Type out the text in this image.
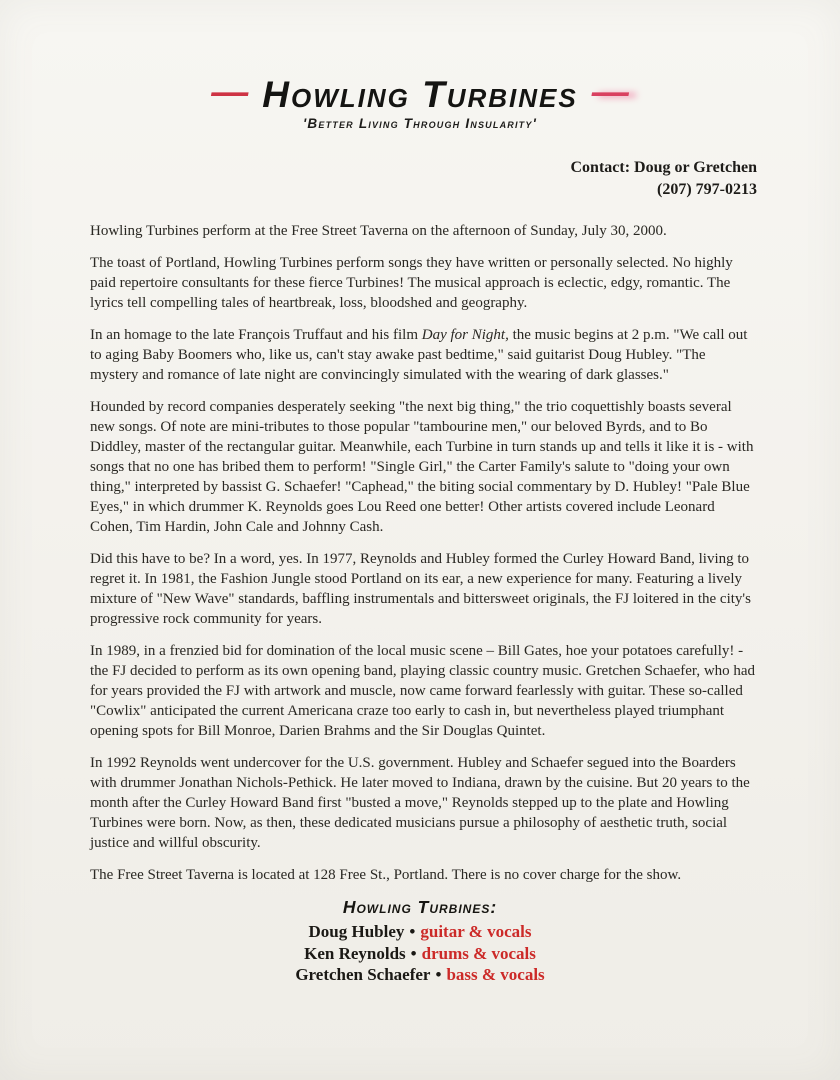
— Howling Turbines —
'Better Living Through Insularity'
Contact: Doug or Gretchen
(207) 797-0213

Howling Turbines perform at the Free Street Taverna on the afternoon of Sunday, July 30, 2000.

The toast of Portland, Howling Turbines perform songs they have written or personally selected. No highly paid repertoire consultants for these fierce Turbines! The musical approach is eclectic, edgy, romantic. The lyrics tell compelling tales of heartbreak, loss, bloodshed and geography.

In an homage to the late François Truffaut and his film Day for Night, the music begins at 2 p.m. "We call out to aging Baby Boomers who, like us, can't stay awake past bedtime," said guitarist Doug Hubley. "The mystery and romance of late night are convincingly simulated with the wearing of dark glasses."

Hounded by record companies desperately seeking "the next big thing," the trio coquettishly boasts several new songs. Of note are mini-tributes to those popular "tambourine men," our beloved Byrds, and to Bo Diddley, master of the rectangular guitar. Meanwhile, each Turbine in turn stands up and tells it like it is - with songs that no one has bribed them to perform! "Single Girl," the Carter Family's salute to "doing your own thing," interpreted by bassist G. Schaefer! "Caphead," the biting social commentary by D. Hubley! "Pale Blue Eyes," in which drummer K. Reynolds goes Lou Reed one better! Other artists covered include Leonard Cohen, Tim Hardin, John Cale and Johnny Cash.

Did this have to be? In a word, yes. In 1977, Reynolds and Hubley formed the Curley Howard Band, living to regret it. In 1981, the Fashion Jungle stood Portland on its ear, a new experience for many. Featuring a lively mixture of "New Wave" standards, baffling instrumentals and bittersweet originals, the FJ loitered in the city's progressive rock community for years.

In 1989, in a frenzied bid for domination of the local music scene – Bill Gates, hoe your potatoes carefully! - the FJ decided to perform as its own opening band, playing classic country music. Gretchen Schaefer, who had for years provided the FJ with artwork and muscle, now came forward fearlessly with guitar. These so-called "Cowlix" anticipated the current Americana craze too early to cash in, but nevertheless played triumphant opening spots for Bill Monroe, Darien Brahms and the Sir Douglas Quintet.

In 1992 Reynolds went undercover for the U.S. government. Hubley and Schaefer segued into the Boarders with drummer Jonathan Nichols-Pethick. He later moved to Indiana, drawn by the cuisine. But 20 years to the month after the Curley Howard Band first "busted a move," Reynolds stepped up to the plate and Howling Turbines were born. Now, as then, these dedicated musicians pursue a philosophy of aesthetic truth, social justice and willful obscurity.

The Free Street Taverna is located at 128 Free St., Portland. There is no cover charge for the show.

Howling Turbines:
Doug Hubley • guitar & vocals
Ken Reynolds • drums & vocals
Gretchen Schaefer • bass & vocals
